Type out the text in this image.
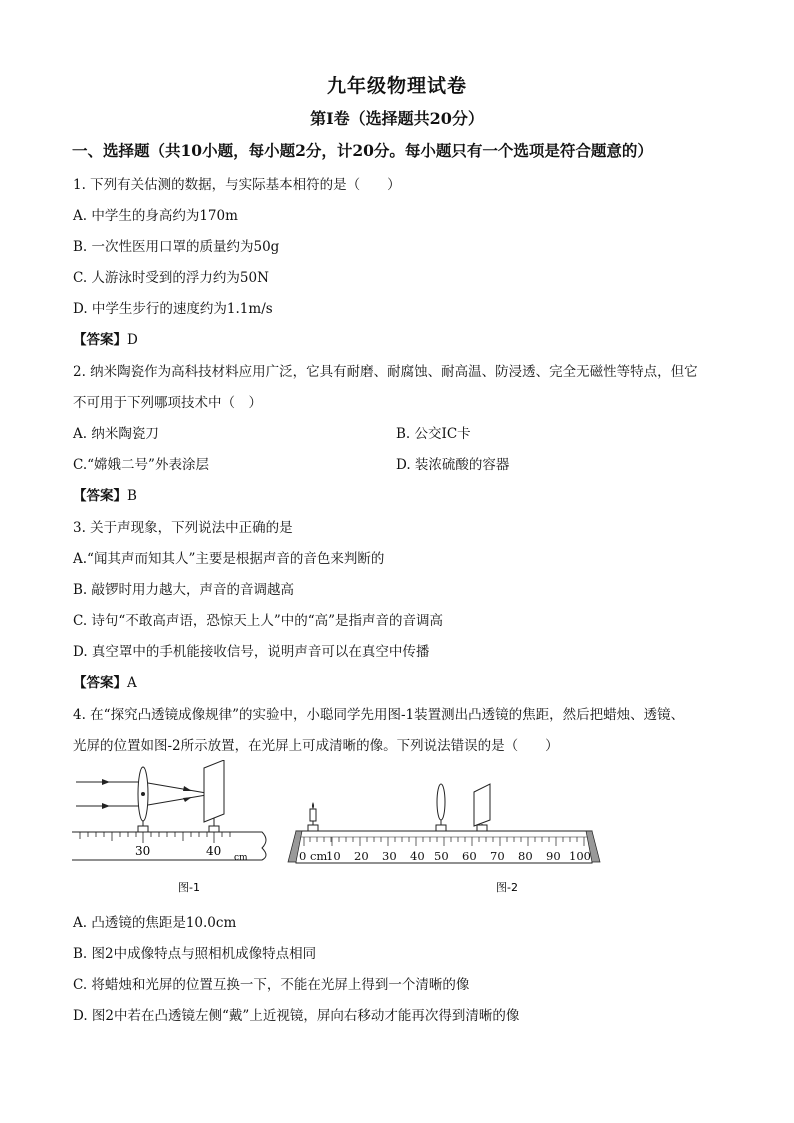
九年级物理试卷
第Ⅰ卷（选择题共20分）
一、选择题（共10小题，每小题2分，计20分。每小题只有一个选项是符合题意的）
1. 下列有关估测的数据，与实际基本相符的是（　　）
A. 中学生的身高约为170m
B. 一次性医用口罩的质量约为50g
C. 人游泳时受到的浮力约为50N
D. 中学生步行的速度约为1.1m/s
【答案】D
2. 纳米陶瓷作为高科技材料应用广泛，它具有耐磨、耐腐蚀、耐高温、防浸透、完全无磁性等特点，但它
不可用于下列哪项技术中（　）
A. 纳米陶瓷刀	B. 公交IC卡
C.“嫦娥二号”外表涂层	D. 装浓硫酸的容器
【答案】B
3. 关于声现象，下列说法中正确的是
A.“闻其声而知其人”主要是根据声音的音色来判断的
B. 敲锣时用力越大，声音的音调越高
C. 诗句“不敢高声语，恐惊天上人”中的“高”是指声音的音调高
D. 真空罩中的手机能接收信号，说明声音可以在真空中传播
【答案】A
4. 在“探究凸透镜成像规律”的实验中，小聪同学先用图-1装置测出凸透镜的焦距，然后把蜡烛、透镜、
光屏的位置如图-2所示放置，在光屏上可成清晰的像。下列说法错误的是（　　）
30	40 cm
图-1
0 cm
10 20 30 40 50 60 70 80 90 100
图-2
A. 凸透镜的焦距是10.0cm
B. 图2中成像特点与照相机成像特点相同
C. 将蜡烛和光屏的位置互换一下，不能在光屏上得到一个清晰的像
D. 图2中若在凸透镜左侧“戴”上近视镜，屏向右移动才能再次得到清晰的像
